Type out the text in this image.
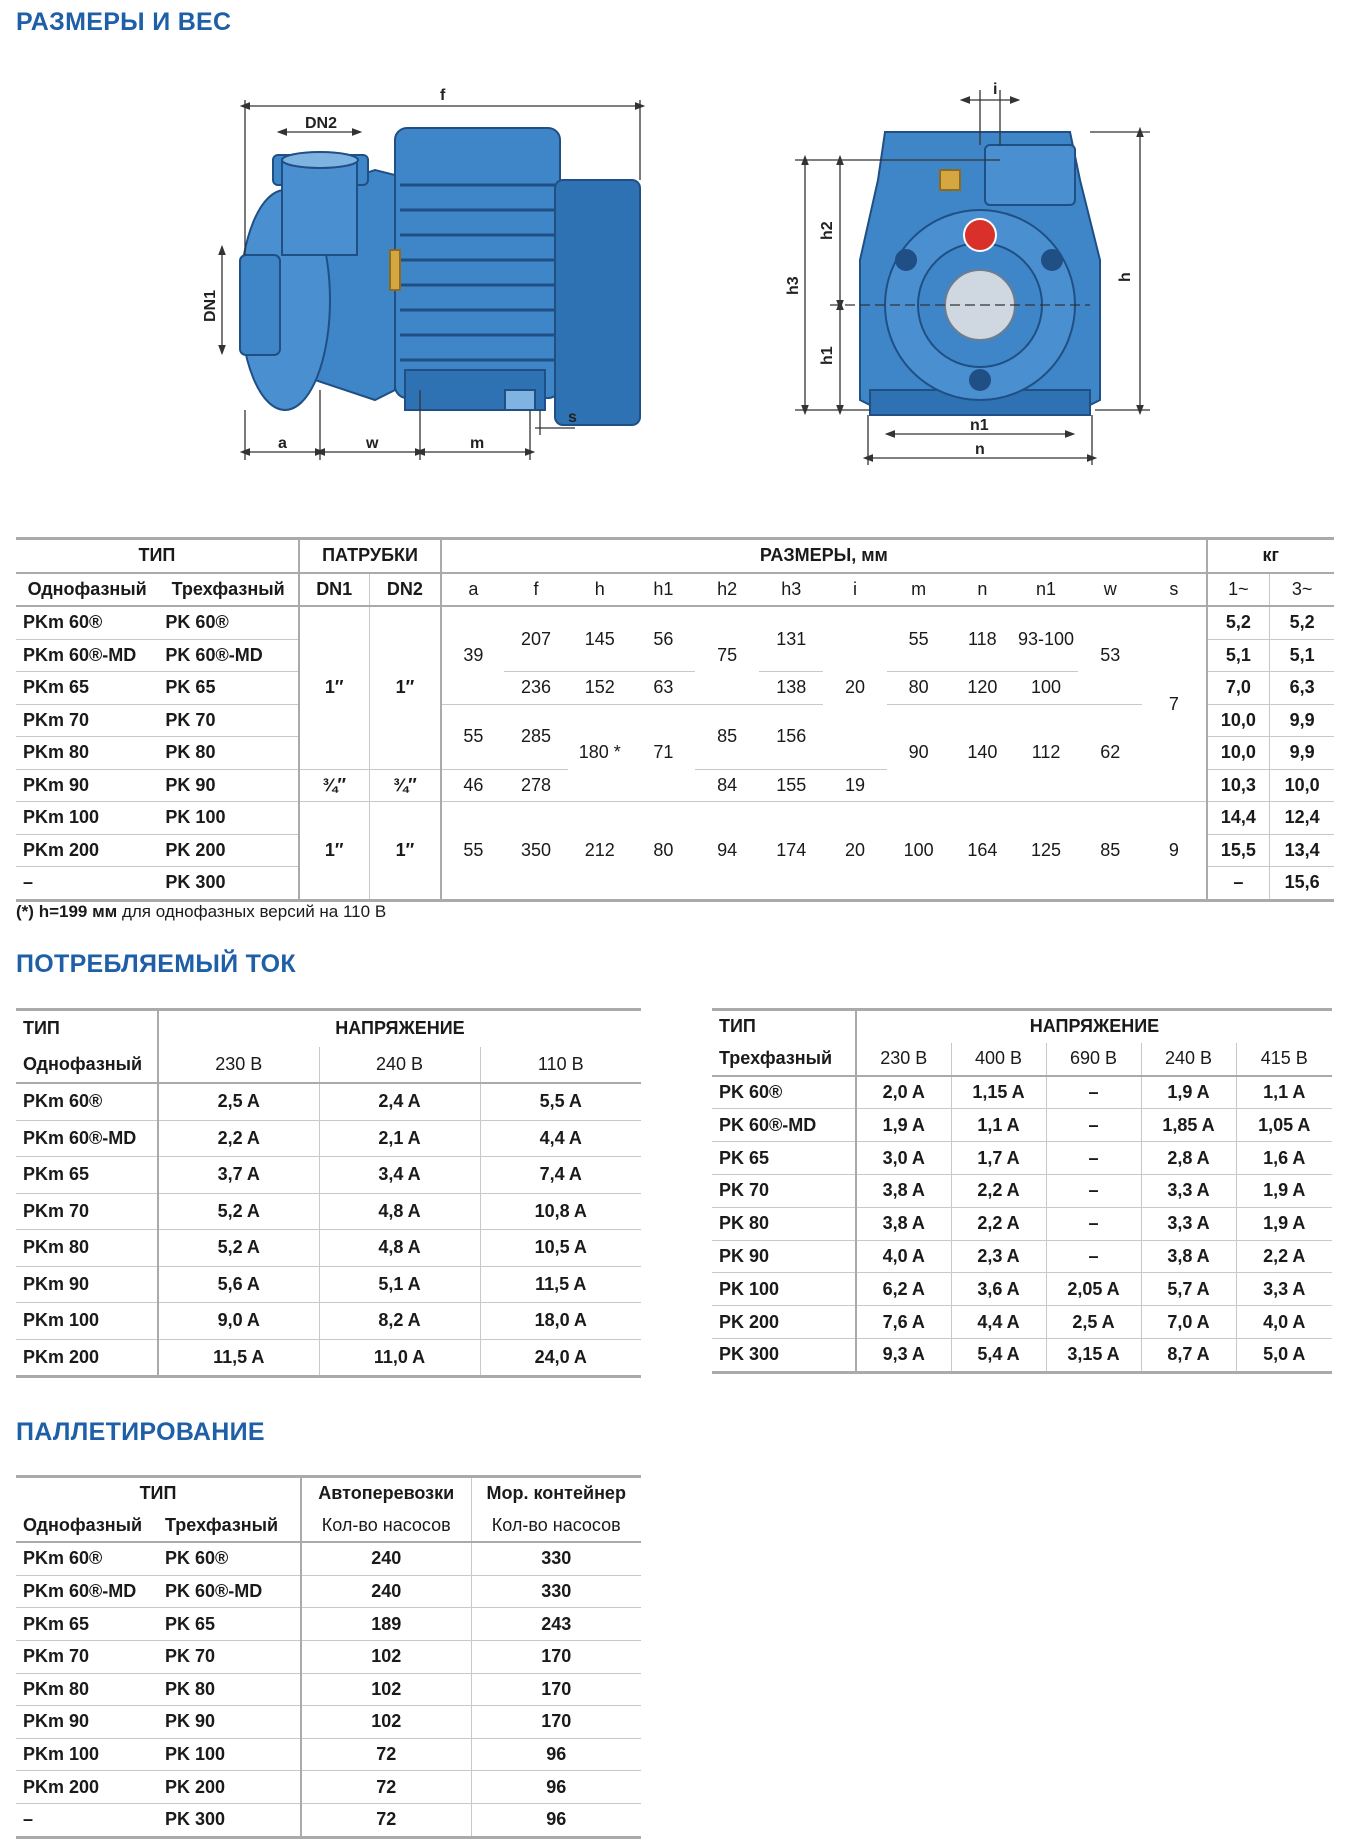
РАЗМЕРЫ И ВЕС
f
DN2
DN1
a	w	m
s
i
h
h1
h2
h3
n1
n
ТИП		ПАТРУБКИ		РАЗМЕРЫ, мм												кг	
Однофазный	Трехфазный	DN1	DN2	a	f	h	h1	h2	h3	i	m	n	n1	w	s	1~	3~
PKm 60®	PK 60®	1″	1″	39	207	145	56	75	131	20	55	118	93-100	53	7	5,2	5,2
PKm 60®-MD	PK 60®-MD															5,1	5,1
PKm 65	PK 65				236	152	63		138		80	120	100			7,0	6,3
PKm 70	PK 70			55	285	180 *	71	85	156		90	140	112	62		10,0	9,9
PKm 80	PK 80															10,0	9,9
PKm 90	PK 90	¾″	¾″	46	278			84	155	19						10,3	10,0
PKm 100	PK 100	1″	1″	55	350	212	80	94	174	20	100	164	125	85	9	14,4	12,4
PKm 200	PK 200															15,5	13,4
–	PK 300															–	15,6

(*) h=199 мм для однофазных версий на 110 В

ПОТРЕБЛЯЕМЫЙ ТОК
ТИП	НАПРЯЖЕНИЕ		
Однофазный	230 В	240 В	110 В
PKm 60®	2,5 A	2,4 A	5,5 A
PKm 60®-MD	2,2 A	2,1 A	4,4 A
PKm 65	3,7 A	3,4 A	7,4 A
PKm 70	5,2 A	4,8 A	10,8 A
PKm 80	5,2 A	4,8 A	10,5 A
PKm 90	5,6 A	5,1 A	11,5 A
PKm 100	9,0 A	8,2 A	18,0 A
PKm 200	11,5 A	11,0 A	24,0 A
ТИП	НАПРЯЖЕНИЕ				
Трехфазный	230 В	400 В	690 В	240 В	415 В
PK 60®	2,0 A	1,15 A	–	1,9 A	1,1 A
PK 60®-MD	1,9 A	1,1 A	–	1,85 A	1,05 A
PK 65	3,0 A	1,7 A	–	2,8 A	1,6 A
PK 70	3,8 A	2,2 A	–	3,3 A	1,9 A
PK 80	3,8 A	2,2 A	–	3,3 A	1,9 A
PK 90	4,0 A	2,3 A	–	3,8 A	2,2 A
PK 100	6,2 A	3,6 A	2,05 A	5,7 A	3,3 A
PK 200	7,6 A	4,4 A	2,5 A	7,0 A	4,0 A
PK 300	9,3 A	5,4 A	3,15 A	8,7 A	5,0 A
ПАЛЛЕТИРОВАНИЕ
ТИП		Автоперевозки	Мор. контейнер
Однофазный	Трехфазный	Кол-во насосов	Кол-во насосов
PKm 60®	PK 60®	240	330
PKm 60®-MD	PK 60®-MD	240	330
PKm 65	PK 65	189	243
PKm 70	PK 70	102	170
PKm 80	PK 80	102	170
PKm 90	PK 90	102	170
PKm 100	PK 100	72	96
PKm 200	PK 200	72	96
–	PK 300	72	96
